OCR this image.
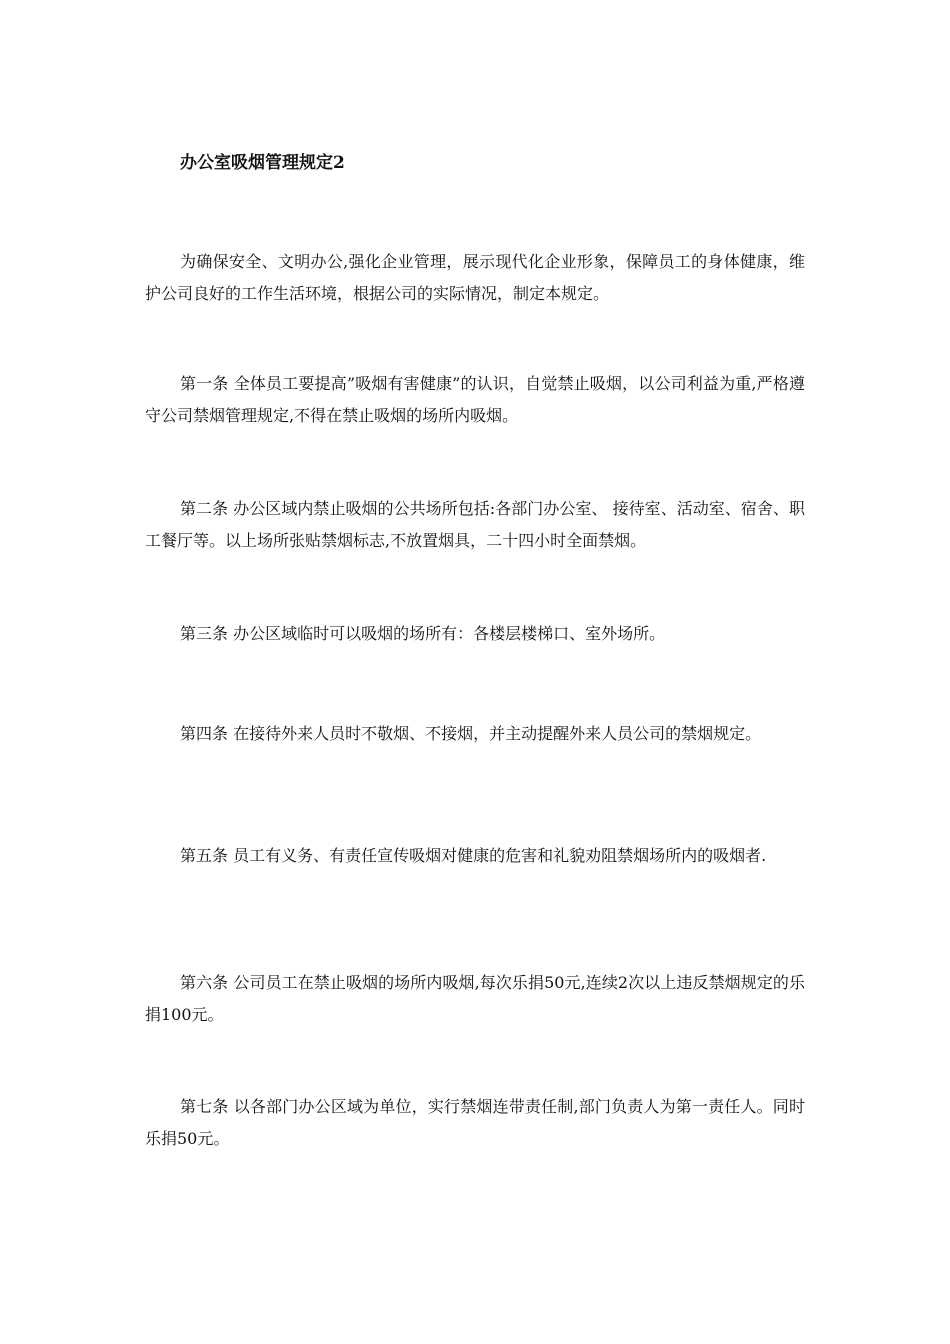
办公室吸烟管理规定2

为确保安全、文明办公,强化企业管理，展示现代化企业形象，保障员工的身体健康，维护公司良好的工作生活环境，根据公司的实际情况，制定本规定。

第一条 全体员工要提高”吸烟有害健康”的认识，自觉禁止吸烟，以公司利益为重,严格遵守公司禁烟管理规定,不得在禁止吸烟的场所内吸烟。

第二条 办公区域内禁止吸烟的公共场所包括:各部门办公室、 接待室、活动室、宿舍、职工餐厅等。以上场所张贴禁烟标志,不放置烟具，二十四小时全面禁烟。

第三条 办公区域临时可以吸烟的场所有：各楼层楼梯口、室外场所。

第四条 在接待外来人员时不敬烟、不接烟，并主动提醒外来人员公司的禁烟规定。

第五条 员工有义务、有责任宣传吸烟对健康的危害和礼貌劝阻禁烟场所内的吸烟者.

第六条 公司员工在禁止吸烟的场所内吸烟,每次乐捐50元,连续2次以上违反禁烟规定的乐捐100元。

第七条 以各部门办公区域为单位，实行禁烟连带责任制,部门负责人为第一责任人。同时乐捐50元。
